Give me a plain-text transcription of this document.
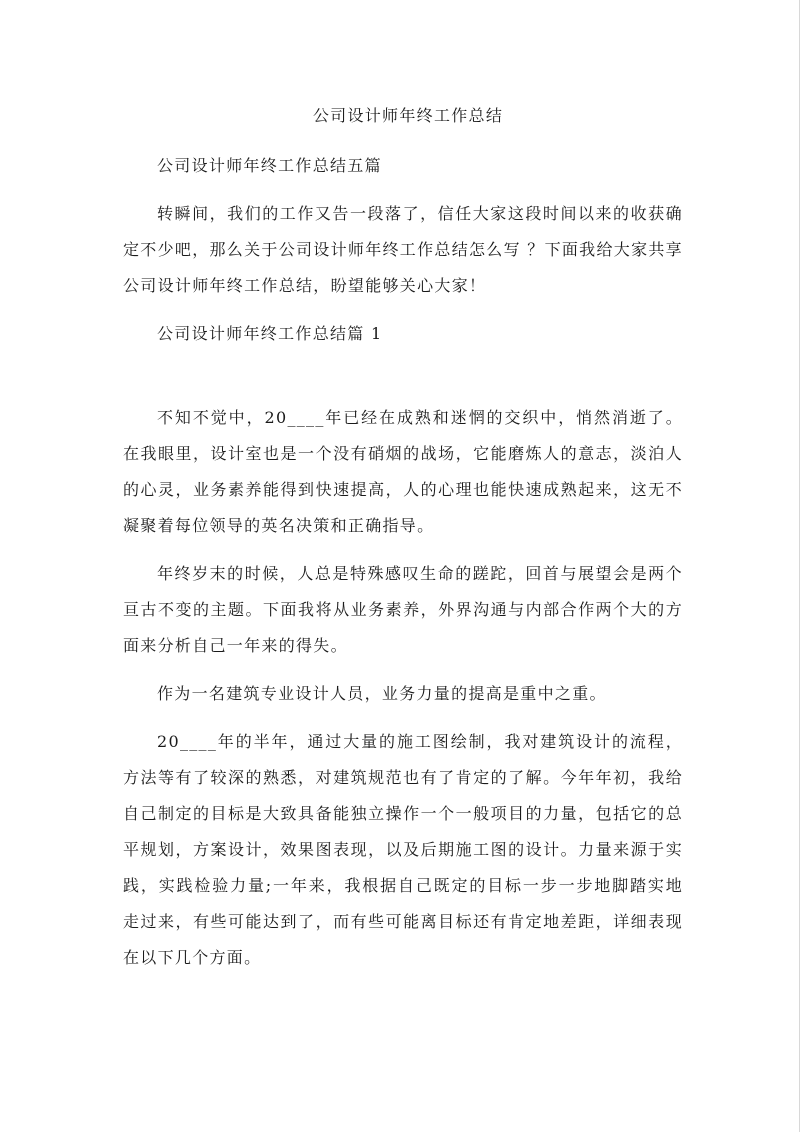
公司设计师年终工作总结

公司设计师年终工作总结五篇

转瞬间，我们的工作又告一段落了，信任大家这段时间以来的收获确定不少吧，那么关于公司设计师年终工作总结怎么写 ？下面我给大家共享公司设计师年终工作总结，盼望能够关心大家！

公司设计师年终工作总结篇 1

不知不觉中，20____年已经在成熟和迷惘的交织中，悄然消逝了。在我眼里，设计室也是一个没有硝烟的战场，它能磨炼人的意志，淡泊人的心灵，业务素养能得到快速提高，人的心理也能快速成熟起来，这无不凝聚着每位领导的英名决策和正确指导。

年终岁末的时候，人总是特殊感叹生命的蹉跎，回首与展望会是两个亘古不变的主题。下面我将从业务素养，外界沟通与内部合作两个大的方面来分析自己一年来的得失。

作为一名建筑专业设计人员，业务力量的提高是重中之重。

20____年的半年，通过大量的施工图绘制，我对建筑设计的流程，方法等有了较深的熟悉，对建筑规范也有了肯定的了解。今年年初，我给自己制定的目标是大致具备能独立操作一个一般项目的力量，包括它的总平规划，方案设计，效果图表现，以及后期施工图的设计。力量来源于实践，实践检验力量;一年来，我根据自己既定的目标一步一步地脚踏实地走过来，有些可能达到了，而有些可能离目标还有肯定地差距，详细表现在以下几个方面。
